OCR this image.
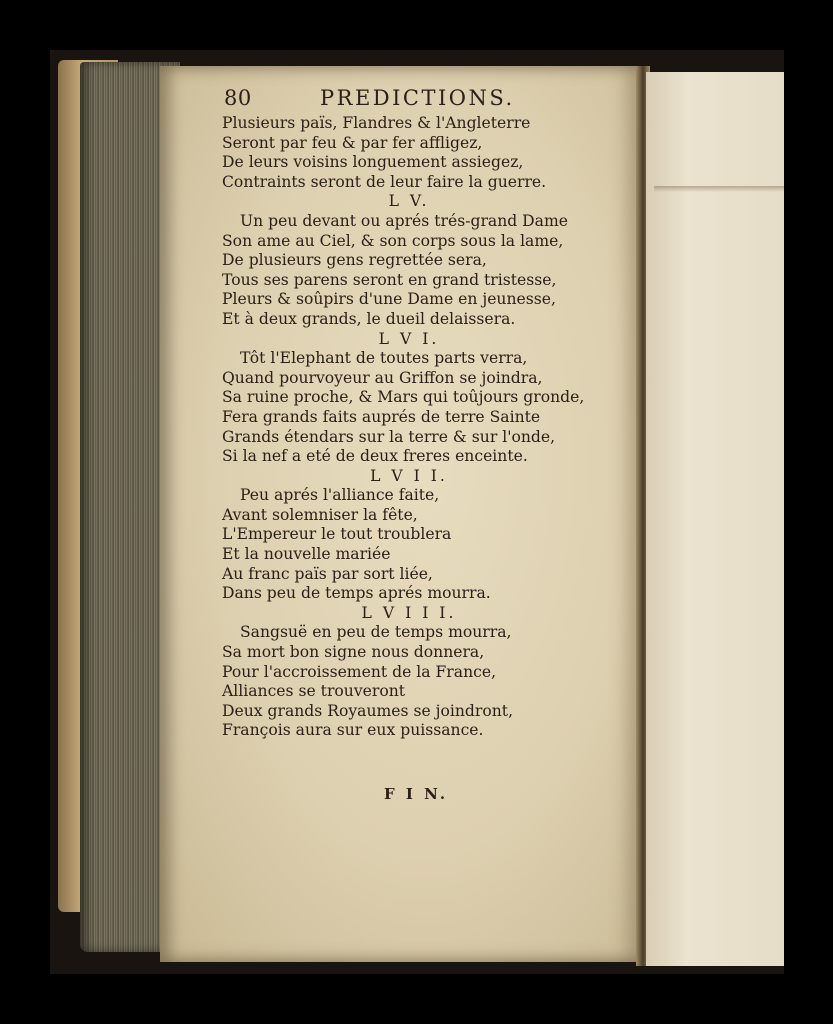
80	PREDICTIONS.
Plusieurs païs, Flandres & l'Angleterre
Seront par feu & par fer affligez,
De leurs voisins longuement assiegez,
Contraints seront de leur faire la guerre.
L V.
Un peu devant ou aprés trés-grand Dame
Son ame au Ciel, & son corps sous la lame,
De plusieurs gens regrettée sera,
Tous ses parens seront en grand tristesse,
Pleurs & soûpirs d'une Dame en jeunesse,
Et à deux grands, le dueil delaissera.
L V I.
Tôt l'Elephant de toutes parts verra,
Quand pourvoyeur au Griffon se joindra,
Sa ruine proche, & Mars qui toûjours gronde,
Fera grands faits auprés de terre Sainte
Grands étendars sur la terre & sur l'onde,
Si la nef a eté de deux freres enceinte.
L V I I.
Peu aprés l'alliance faite,
Avant solemniser la fête,
L'Empereur le tout troublera
Et la nouvelle mariée
Au franc païs par sort liée,
Dans peu de temps aprés mourra.
L V I I I.
Sangsuë en peu de temps mourra,
Sa mort bon signe nous donnera,
Pour l'accroissement de la France,
Alliances se trouveront
Deux grands Royaumes se joindront,
François aura sur eux puissance.
F I N.
